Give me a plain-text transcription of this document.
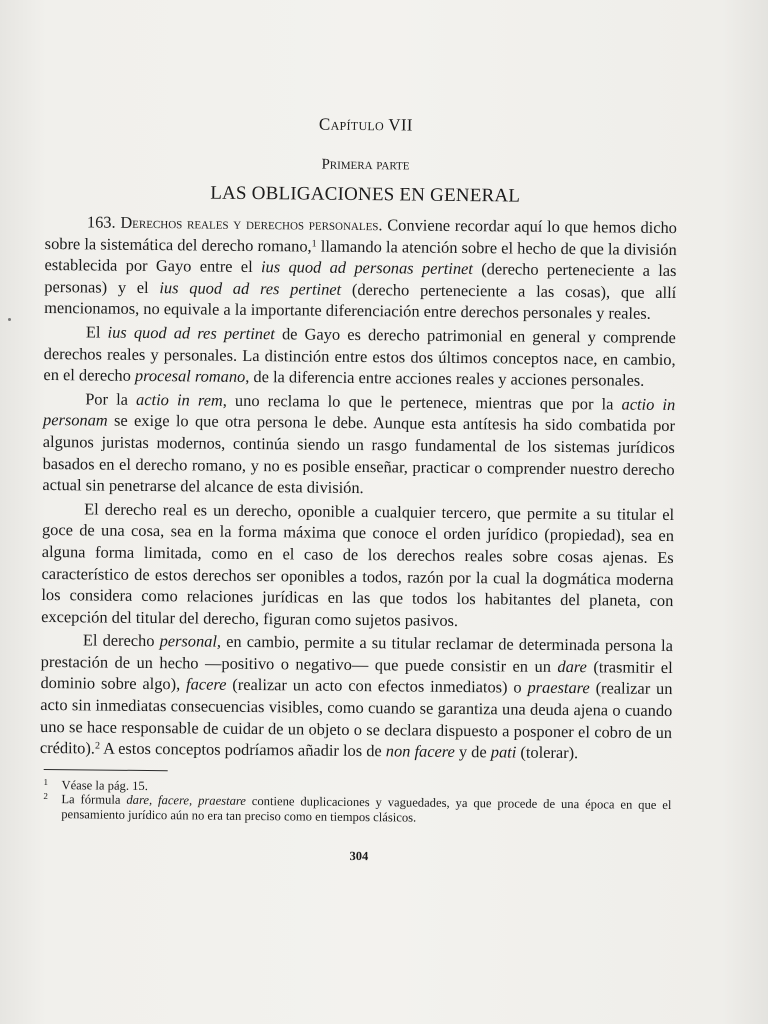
Capítulo VII
Primera parte
LAS OBLIGACIONES EN GENERAL

163. Derechos reales y derechos personales. Conviene recordar aquí lo que hemos dicho sobre la sistemática del derecho romano,$^1$ llamando la atención sobre el hecho de que la división establecida por Gayo entre el ius quod ad personas pertinet (derecho perteneciente a las personas) y el ius quod ad res pertinet (derecho perteneciente a las cosas), que allí mencionamos, no equivale a la importante diferenciación entre derechos personales y reales.

El ius quod ad res pertinet de Gayo es derecho patrimonial en general y comprende derechos reales y personales. La distinción entre estos dos últimos conceptos nace, en cambio, en el derecho procesal romano, de la diferencia entre acciones reales y acciones personales.

Por la actio in rem, uno reclama lo que le pertenece, mientras que por la actio in personam se exige lo que otra persona le debe. Aunque esta antítesis ha sido combatida por algunos juristas modernos, continúa siendo un rasgo fundamental de los sistemas jurídicos basados en el derecho romano, y no es posible enseñar, practicar o comprender nuestro derecho actual sin penetrarse del alcance de esta división.

El derecho real es un derecho, oponible a cualquier tercero, que permite a su titular el goce de una cosa, sea en la forma máxima que conoce el orden jurídico (propiedad), sea en alguna forma limitada, como en el caso de los derechos reales sobre cosas ajenas. Es característico de estos derechos ser oponibles a todos, razón por la cual la dogmática moderna los considera como relaciones jurídicas en las que todos los habitantes del planeta, con excepción del titular del derecho, figuran como sujetos pasivos.

El derecho personal, en cambio, permite a su titular reclamar de determinada persona la prestación de un hecho —positivo o negativo— que puede consistir en un dare (trasmitir el dominio sobre algo), facere (realizar un acto con efectos inmediatos) o praestare (realizar un acto sin inmediatas consecuencias visibles, como cuando se garantiza una deuda ajena o cuando uno se hace responsable de cuidar de un objeto o se declara dispuesto a posponer el cobro de un crédito).$^2$ A estos conceptos podríamos añadir los de non facere y de pati (tolerar).

1 Véase la pág. 15.

2 La fórmula dare, facere, praestare contiene duplicaciones y vaguedades, ya que procede de una época en que el pensamiento jurídico aún no era tan preciso como en tiempos clásicos.

304
